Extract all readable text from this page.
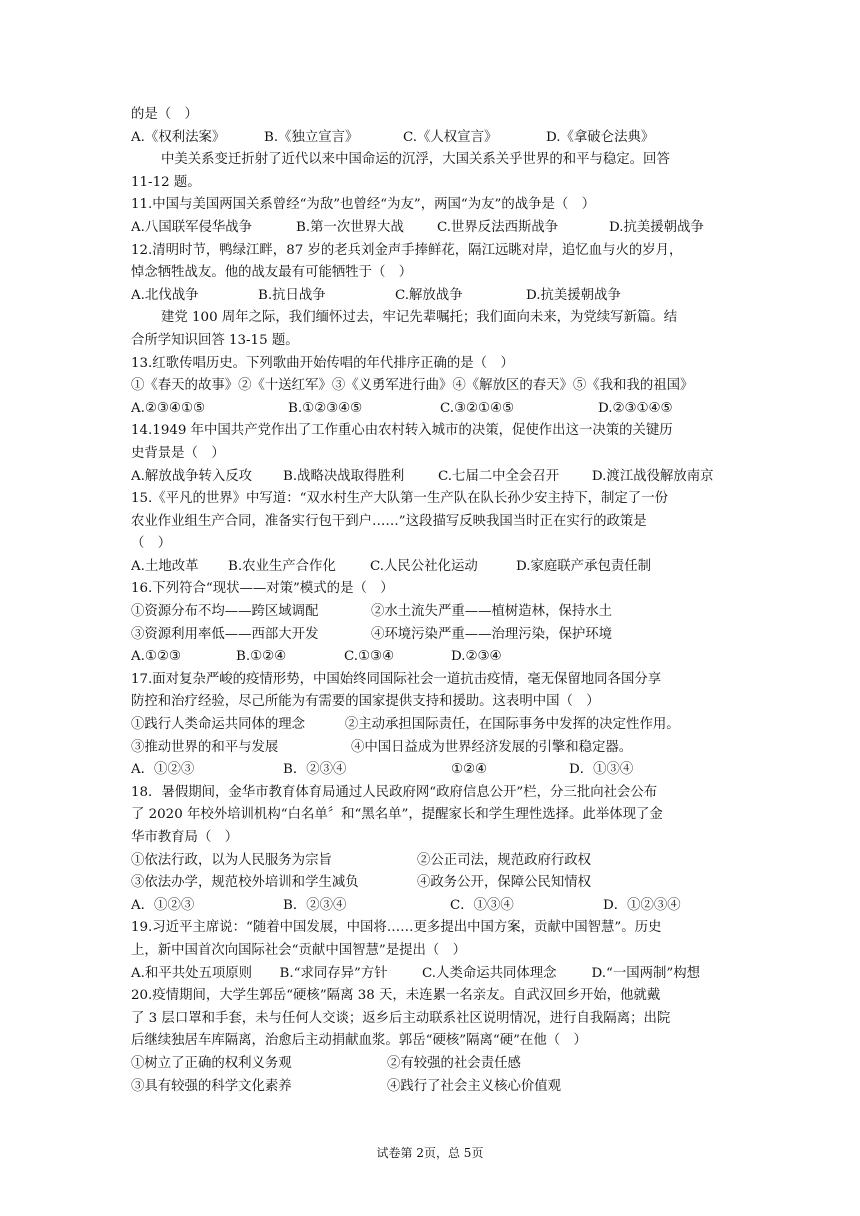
的是（　）
A.《权利法案》	B.《独立宣言》	C.《人权宣言》	D.《拿破仑法典》
中美关系变迁折射了近代以来中国命运的沉浮，大国关系关乎世界的和平与稳定。回答
11-12 题。
11.中国与美国两国关系曾经“为敌”也曾经“为友”，两国“为友”的战争是（　）
A.八国联军侵华战争	B.第一次世界大战	C.世界反法西斯战争	D.抗美援朝战争
12.清明时节，鸭绿江畔，87 岁的老兵刘金声手捧鲜花，隔江远眺对岸，追忆血与火的岁月，
悼念牺牲战友。他的战友最有可能牺牲于（　）
A.北伐战争	B.抗日战争	C.解放战争	D.抗美援朝战争
建党 100 周年之际，我们缅怀过去，牢记先辈嘱托；我们面向未来，为党续写新篇。结
合所学知识回答 13-15 题。
13.红歌传唱历史。下列歌曲开始传唱的年代排序正确的是（　）
①《春天的故事》②《十送红军》③《义勇军进行曲》④《解放区的春天》⑤《我和我的祖国》
A.②③④①⑤	B.①②③④⑤	C.③②①④⑤	D.②③①④⑤
14.1949 年中国共产党作出了工作重心由农村转入城市的决策，促使作出这一决策的关键历
史背景是（　）
A.解放战争转入反攻	B.战略决战取得胜利	C.七届二中全会召开	D.渡江战役解放南京
15.《平凡的世界》中写道：“双水村生产大队第一生产队在队长孙少安主持下，制定了一份
农业作业组生产合同，准备实行包干到户……”这段描写反映我国当时正在实行的政策是
（　）
A.土地改革	B.农业生产合作化	C.人民公社化运动	D.家庭联产承包责任制
16.下列符合“现状——对策”模式的是（　）
①资源分布不均——跨区域调配	②水土流失严重——植树造林，保持水土
③资源利用率低——西部大开发	④环境污染严重——治理污染，保护环境
A.①②③	B.①②④	C.①③④	D.②③④
17.面对复杂严峻的疫情形势，中国始终同国际社会一道抗击疫情，毫无保留地同各国分享
防控和治疗经验，尽己所能为有需要的国家提供支持和援助。这表明中国（　）
①践行人类命运共同体的理念	②主动承担国际责任，在国际事务中发挥的决定性作用。
③推动世界的和平与发展	④中国日益成为世界经济发展的引擎和稳定器。
A．①②③	B．②③④	①②④	D．①③④
18．暑假期间，金华市教育体育局通过人民政府网“政府信息公开”栏，分三批向社会公布
了 2020 年校外培训机构“白名单〞和“黑名单”，提醒家长和学生理性选择。此举体现了金
华市教育局（　）
①依法行政，以为人民服务为宗旨	②公正司法，规范政府行政权
③依法办学，规范校外培训和学生减负	④政务公开，保障公民知情权
A．①②③	B．②③④	C．①③④	D．①②③④
19.习近平主席说：“随着中国发展，中国将……更多提出中国方案，贡献中国智慧”。历史
上，新中国首次向国际社会“贡献中国智慧”是提出（　）
A.和平共处五项原则	B.“求同存异”方针	C.人类命运共同体理念	D.“一国两制”构想
20.疫情期间，大学生郭岳“硬核”隔离 38 天，未连累一名亲友。自武汉回乡开始，他就戴
了 3 层口罩和手套，未与任何人交谈；返乡后主动联系社区说明情况，进行自我隔离；出院
后继续独居车库隔离，治愈后主动捐献血浆。郭岳“硬核”隔离“硬”在他（　）
①树立了正确的权利义务观	②有较强的社会责任感
③具有较强的科学文化素养	④践行了社会主义核心价值观
试卷第 2页，总 5页
